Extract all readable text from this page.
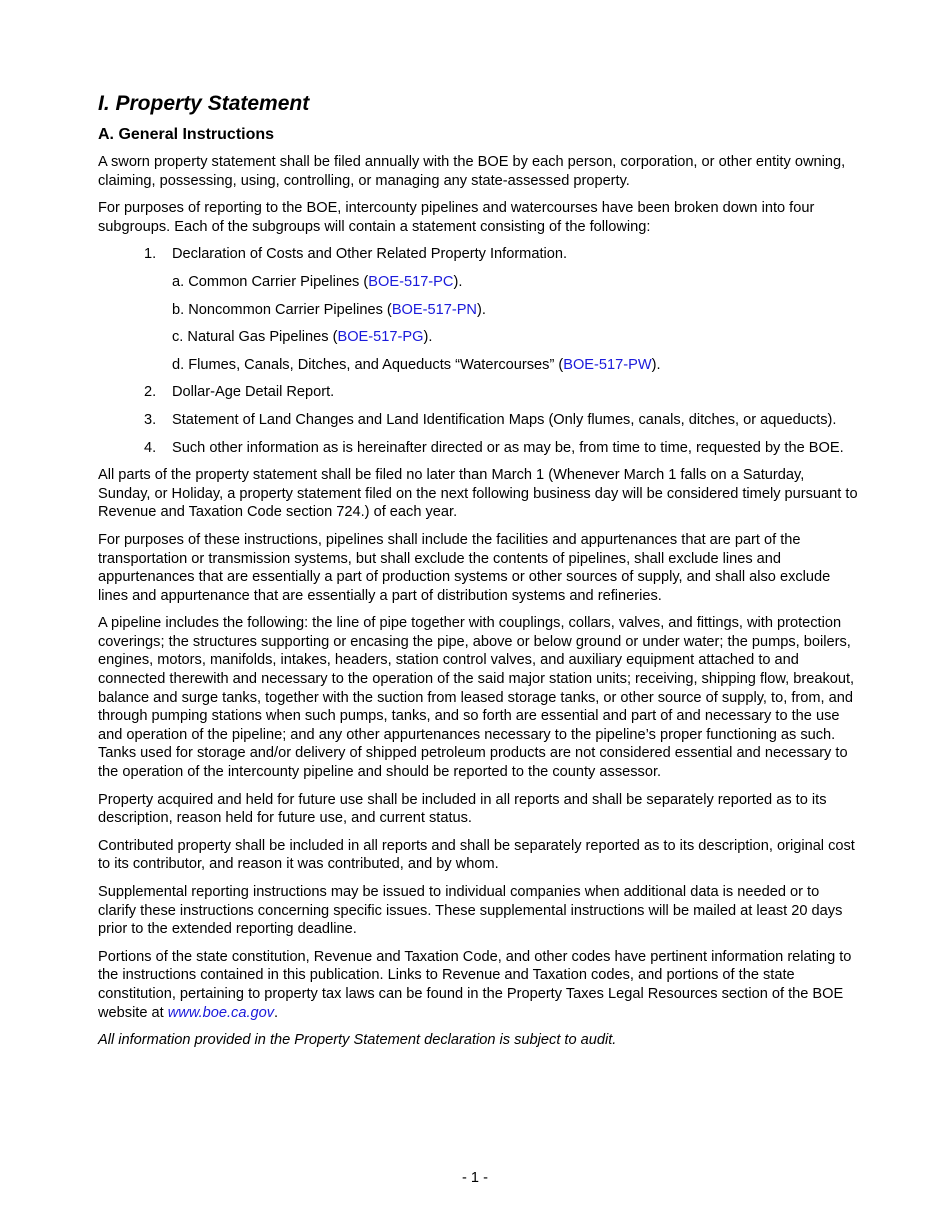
I. Property Statement
A. General Instructions

A sworn property statement shall be filed annually with the BOE by each person, corporation, or other entity owning, claiming, possessing, using, controlling, or managing any state-assessed property.

For purposes of reporting to the BOE, intercounty pipelines and watercourses have been broken down into four subgroups. Each of the subgroups will contain a statement consisting of the following:

1. Declaration of Costs and Other Related Property Information.
a. Common Carrier Pipelines (BOE-517-PC).
b. Noncommon Carrier Pipelines (BOE-517-PN).
c. Natural Gas Pipelines (BOE-517-PG).
d. Flumes, Canals, Ditches, and Aqueducts “Watercourses” (BOE-517-PW).
2. Dollar-Age Detail Report.
3. Statement of Land Changes and Land Identification Maps (Only flumes, canals, ditches, or aqueducts).
4. Such other information as is hereinafter directed or as may be, from time to time, requested by the BOE.

All parts of the property statement shall be filed no later than March 1 (Whenever March 1 falls on a Saturday, Sunday, or Holiday, a property statement filed on the next following business day will be considered timely pursuant to Revenue and Taxation Code section 724.) of each year.

For purposes of these instructions, pipelines shall include the facilities and appurtenances that are part of the transportation or transmission systems, but shall exclude the contents of pipelines, shall exclude lines and appurtenances that are essentially a part of production systems or other sources of supply, and shall also exclude lines and appurtenance that are essentially a part of distribution systems and refineries.

A pipeline includes the following: the line of pipe together with couplings, collars, valves, and fittings, with protection coverings; the structures supporting or encasing the pipe, above or below ground or under water; the pumps, boilers, engines, motors, manifolds, intakes, headers, station control valves, and auxiliary equipment attached to and connected therewith and necessary to the operation of the said major station units; receiving, shipping flow, breakout, balance and surge tanks, together with the suction from leased storage tanks, or other source of supply, to, from, and through pumping stations when such pumps, tanks, and so forth are essential and part of and necessary to the use and operation of the pipeline; and any other appurtenances necessary to the pipeline’s proper functioning as such. Tanks used for storage and/or delivery of shipped petroleum products are not considered essential and necessary to the operation of the intercounty pipeline and should be reported to the county assessor.

Property acquired and held for future use shall be included in all reports and shall be separately reported as to its description, reason held for future use, and current status.

Contributed property shall be included in all reports and shall be separately reported as to its description, original cost to its contributor, and reason it was contributed, and by whom.

Supplemental reporting instructions may be issued to individual companies when additional data is needed or to clarify these instructions concerning specific issues. These supplemental instructions will be mailed at least 20 days prior to the extended reporting deadline.

Portions of the state constitution, Revenue and Taxation Code, and other codes have pertinent information relating to the instructions contained in this publication. Links to Revenue and Taxation codes, and portions of the state constitution, pertaining to property tax laws can be found in the Property Taxes Legal Resources section of the BOE website at www.boe.ca.gov.

All information provided in the Property Statement declaration is subject to audit.

- 1 -
